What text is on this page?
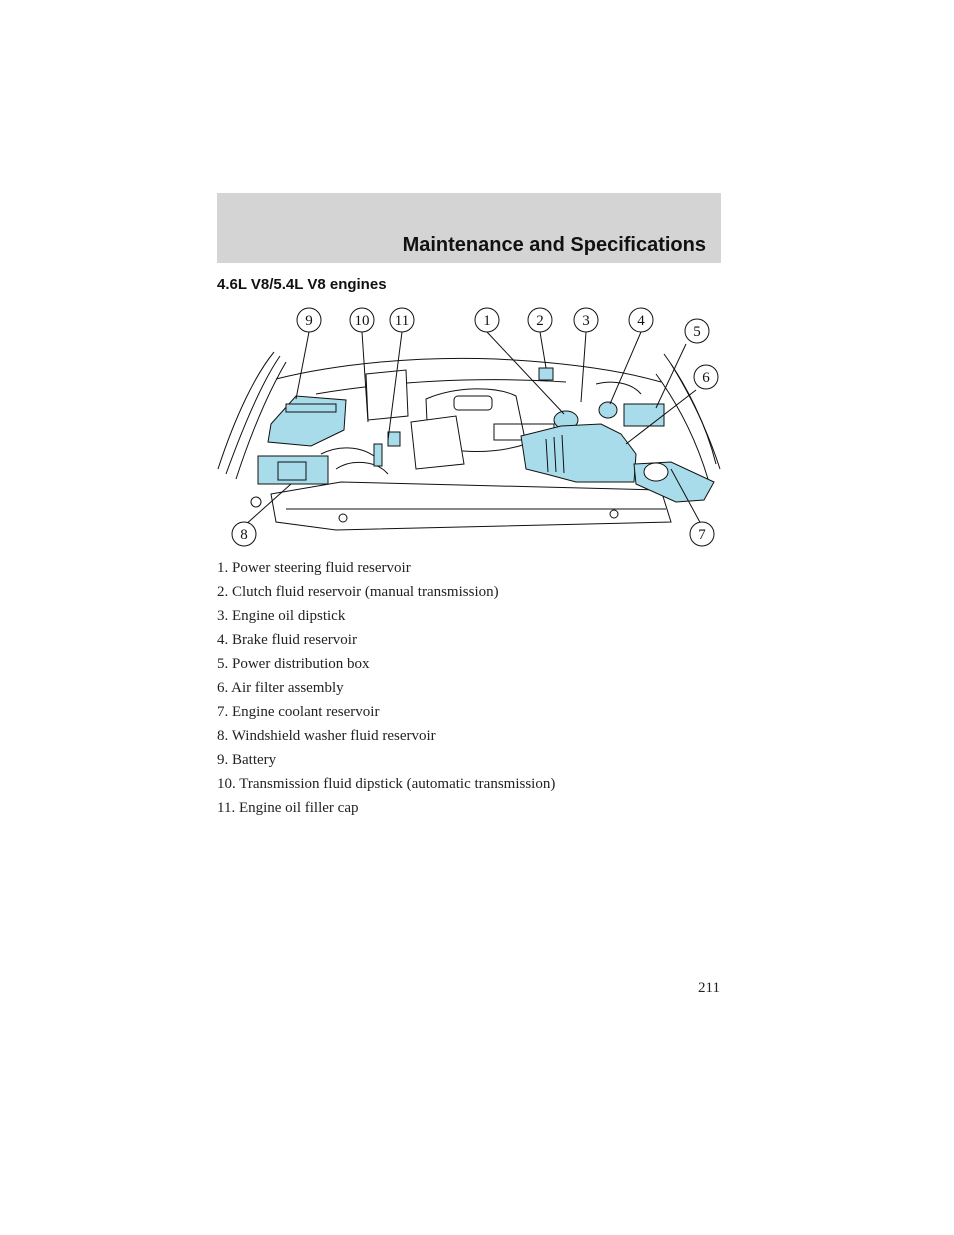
Maintenance and Specifications
4.6L V8/5.4L V8 engines
9	10 11	1	2	3	4
5
6
8	7
1. Power steering fluid reservoir
2. Clutch fluid reservoir (manual transmission)
3. Engine oil dipstick
4. Brake fluid reservoir
5. Power distribution box
6. Air filter assembly
7. Engine coolant reservoir
8. Windshield washer fluid reservoir
9. Battery
10. Transmission fluid dipstick (automatic transmission)
11. Engine oil filler cap
211
